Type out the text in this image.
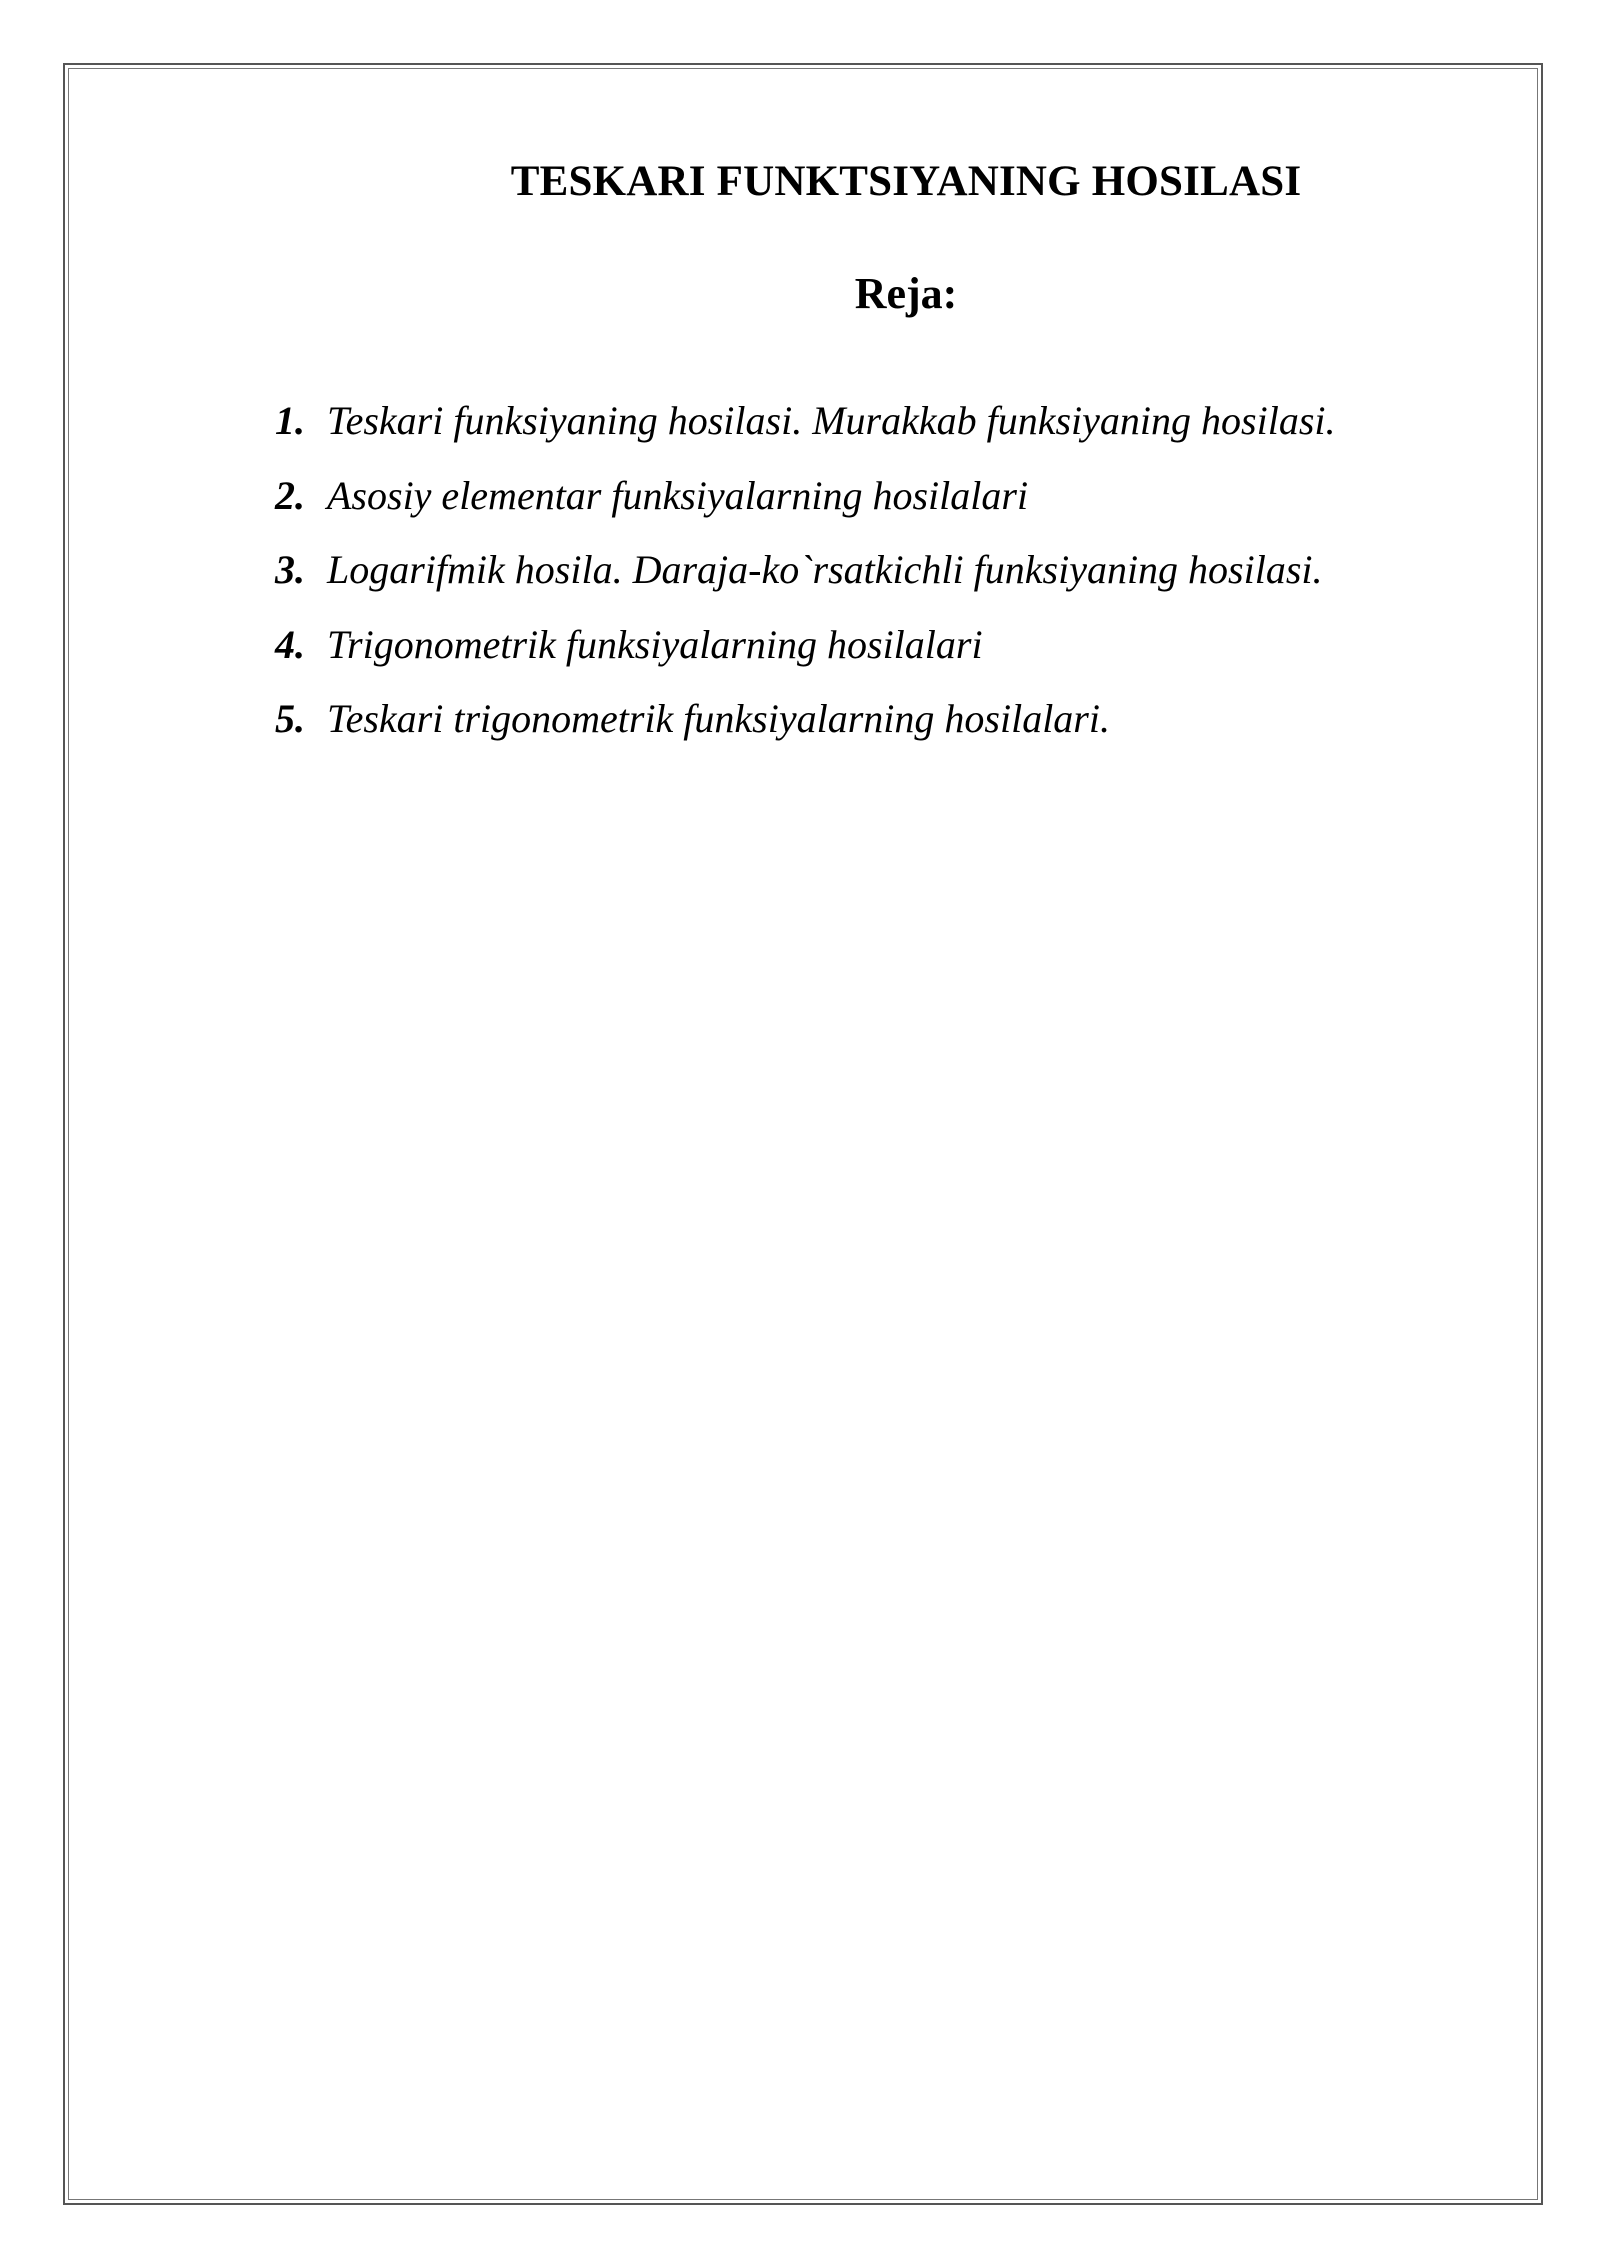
TESKARI FUNKTSIYANING HOSILASI
Reja:
1. Teskari funksiyaning hosilasi. Murakkab funksiyaning hosilasi.
2. Asosiy elementar funksiyalarning hosilalari
3. Logarifmik hosila. Daraja-ko`rsatkichli funksiyaning hosilasi.
4. Trigonometrik funksiyalarning hosilalari
5. Teskari trigonometrik funksiyalarning hosilalari.
